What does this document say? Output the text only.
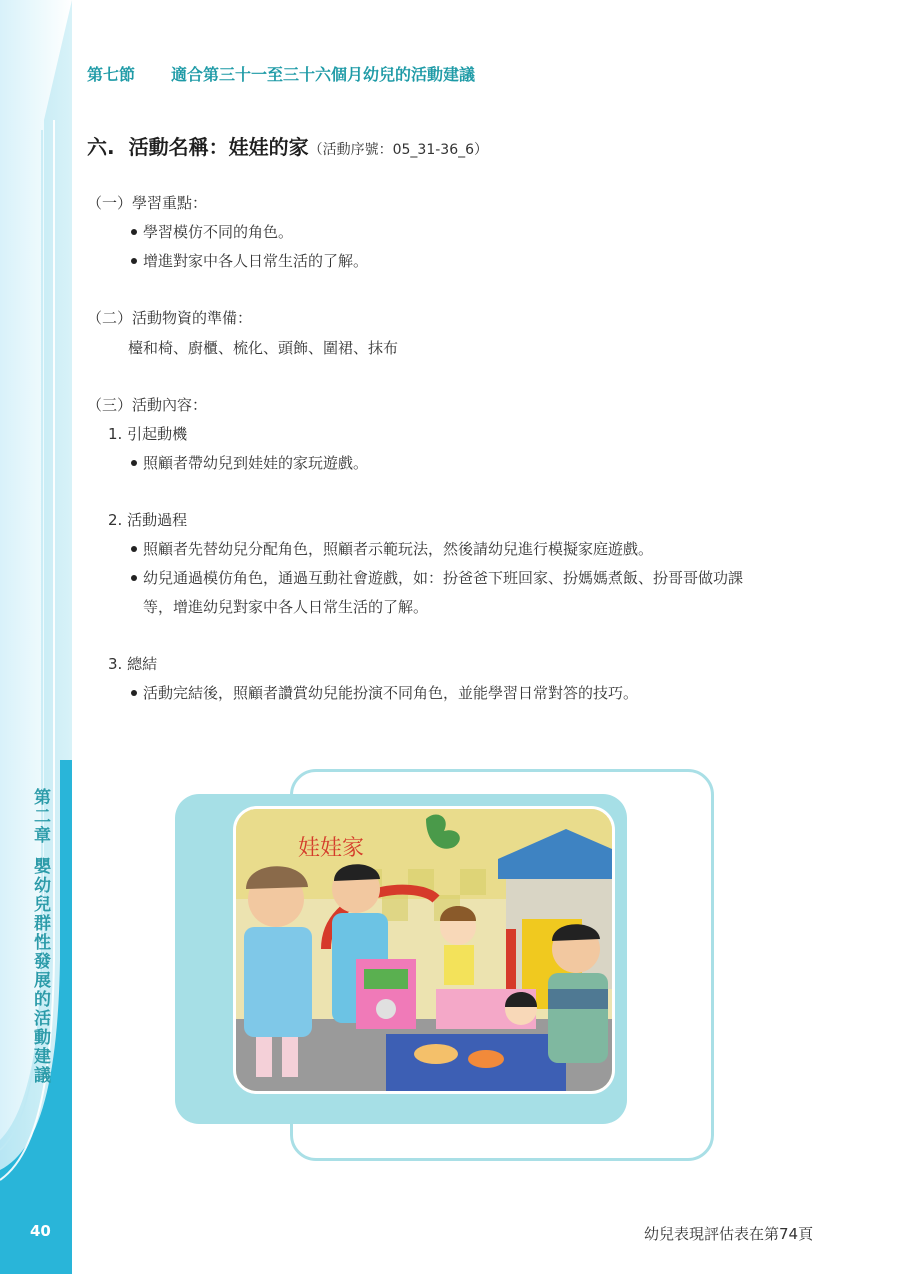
第二章嬰幼兒群性發展的活動建議
40
第七節 適合第三十一至三十六個月幼兒的活動建議
六. 活動名稱：娃娃的家（活動序號：05_31-36_6）
（一）學習重點：
學習模仿不同的角色。
增進對家中各人日常生活的了解。
（二）活動物資的準備：
檯和椅、廚櫃、梳化、頭飾、圍裙、抹布
（三）活動內容：
1. 引起動機
照顧者帶幼兒到娃娃的家玩遊戲。
2. 活動過程
照顧者先替幼兒分配角色，照顧者示範玩法，然後請幼兒進行模擬家庭遊戲。
幼兒通過模仿角色，通過互動社會遊戲，如：扮爸爸下班回家、扮媽媽煮飯、扮哥哥做功課
等，增進幼兒對家中各人日常生活的了解。
3. 總結
活動完結後，照顧者讚賞幼兒能扮演不同角色，並能學習日常對答的技巧。
娃娃家
幼兒表現評估表在第74頁
